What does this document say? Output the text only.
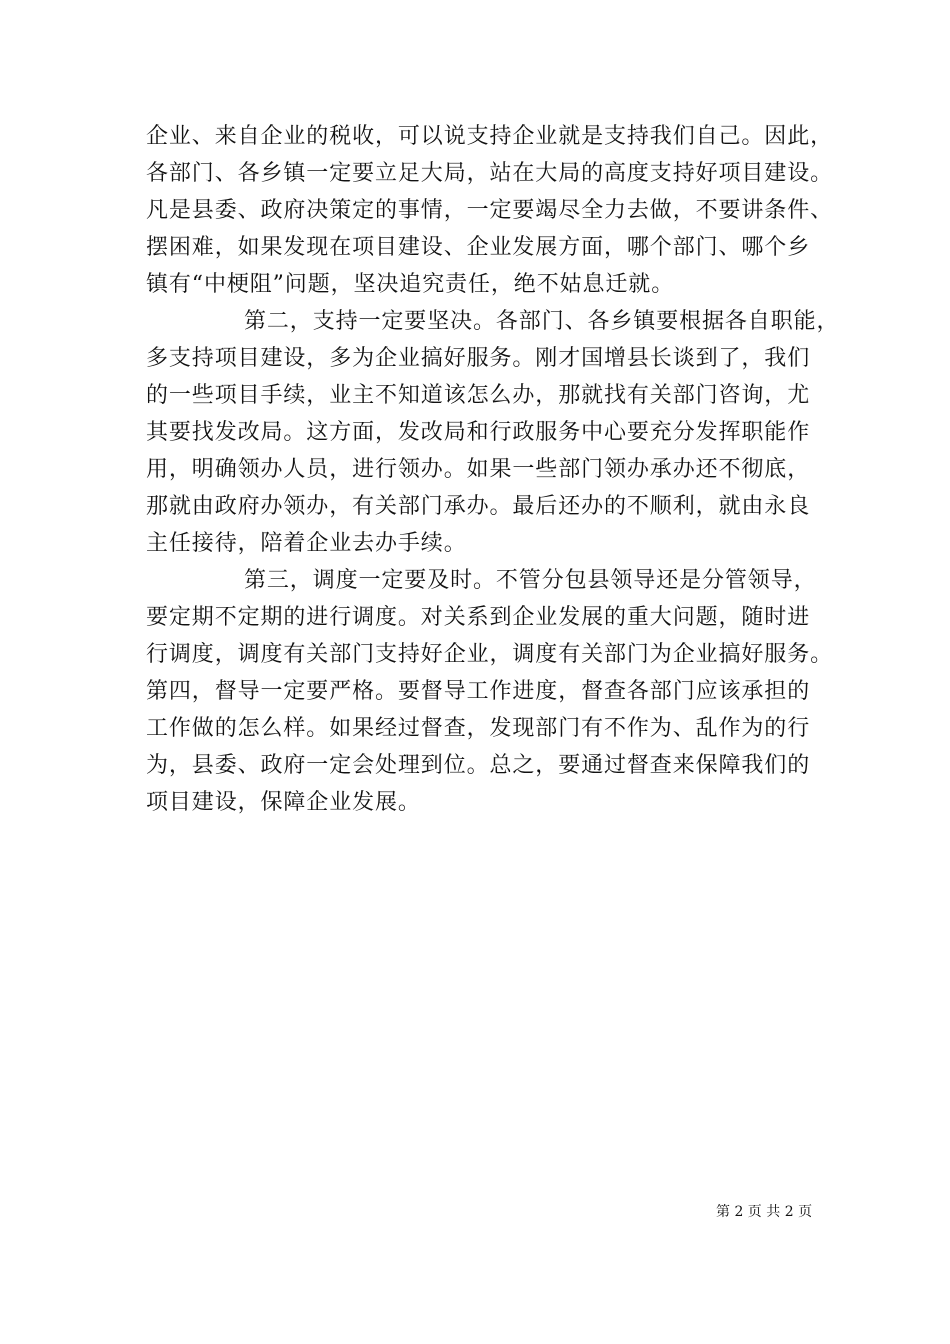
企业、来自企业的税收，可以说支持企业就是支持我们自己。因此，
各部门、各乡镇一定要立足大局，站在大局的高度支持好项目建设。
凡是县委、政府决策定的事情，一定要竭尽全力去做，不要讲条件、
摆困难，如果发现在项目建设、企业发展方面，哪个部门、哪个乡
镇有“中梗阻”问题，坚决追究责任，绝不姑息迁就。
第二，支持一定要坚决。各部门、各乡镇要根据各自职能，
多支持项目建设，多为企业搞好服务。刚才国增县长谈到了，我们
的一些项目手续，业主不知道该怎么办，那就找有关部门咨询，尤
其要找发改局。这方面，发改局和行政服务中心要充分发挥职能作
用，明确领办人员，进行领办。如果一些部门领办承办还不彻底，
那就由政府办领办，有关部门承办。最后还办的不顺利，就由永良
主任接待，陪着企业去办手续。
第三，调度一定要及时。不管分包县领导还是分管领导，
要定期不定期的进行调度。对关系到企业发展的重大问题，随时进
行调度，调度有关部门支持好企业，调度有关部门为企业搞好服务。
第四，督导一定要严格。要督导工作进度，督查各部门应该承担的
工作做的怎么样。如果经过督查，发现部门有不作为、乱作为的行
为，县委、政府一定会处理到位。总之，要通过督查来保障我们的
项目建设，保障企业发展。
第 2 页 共 2 页
